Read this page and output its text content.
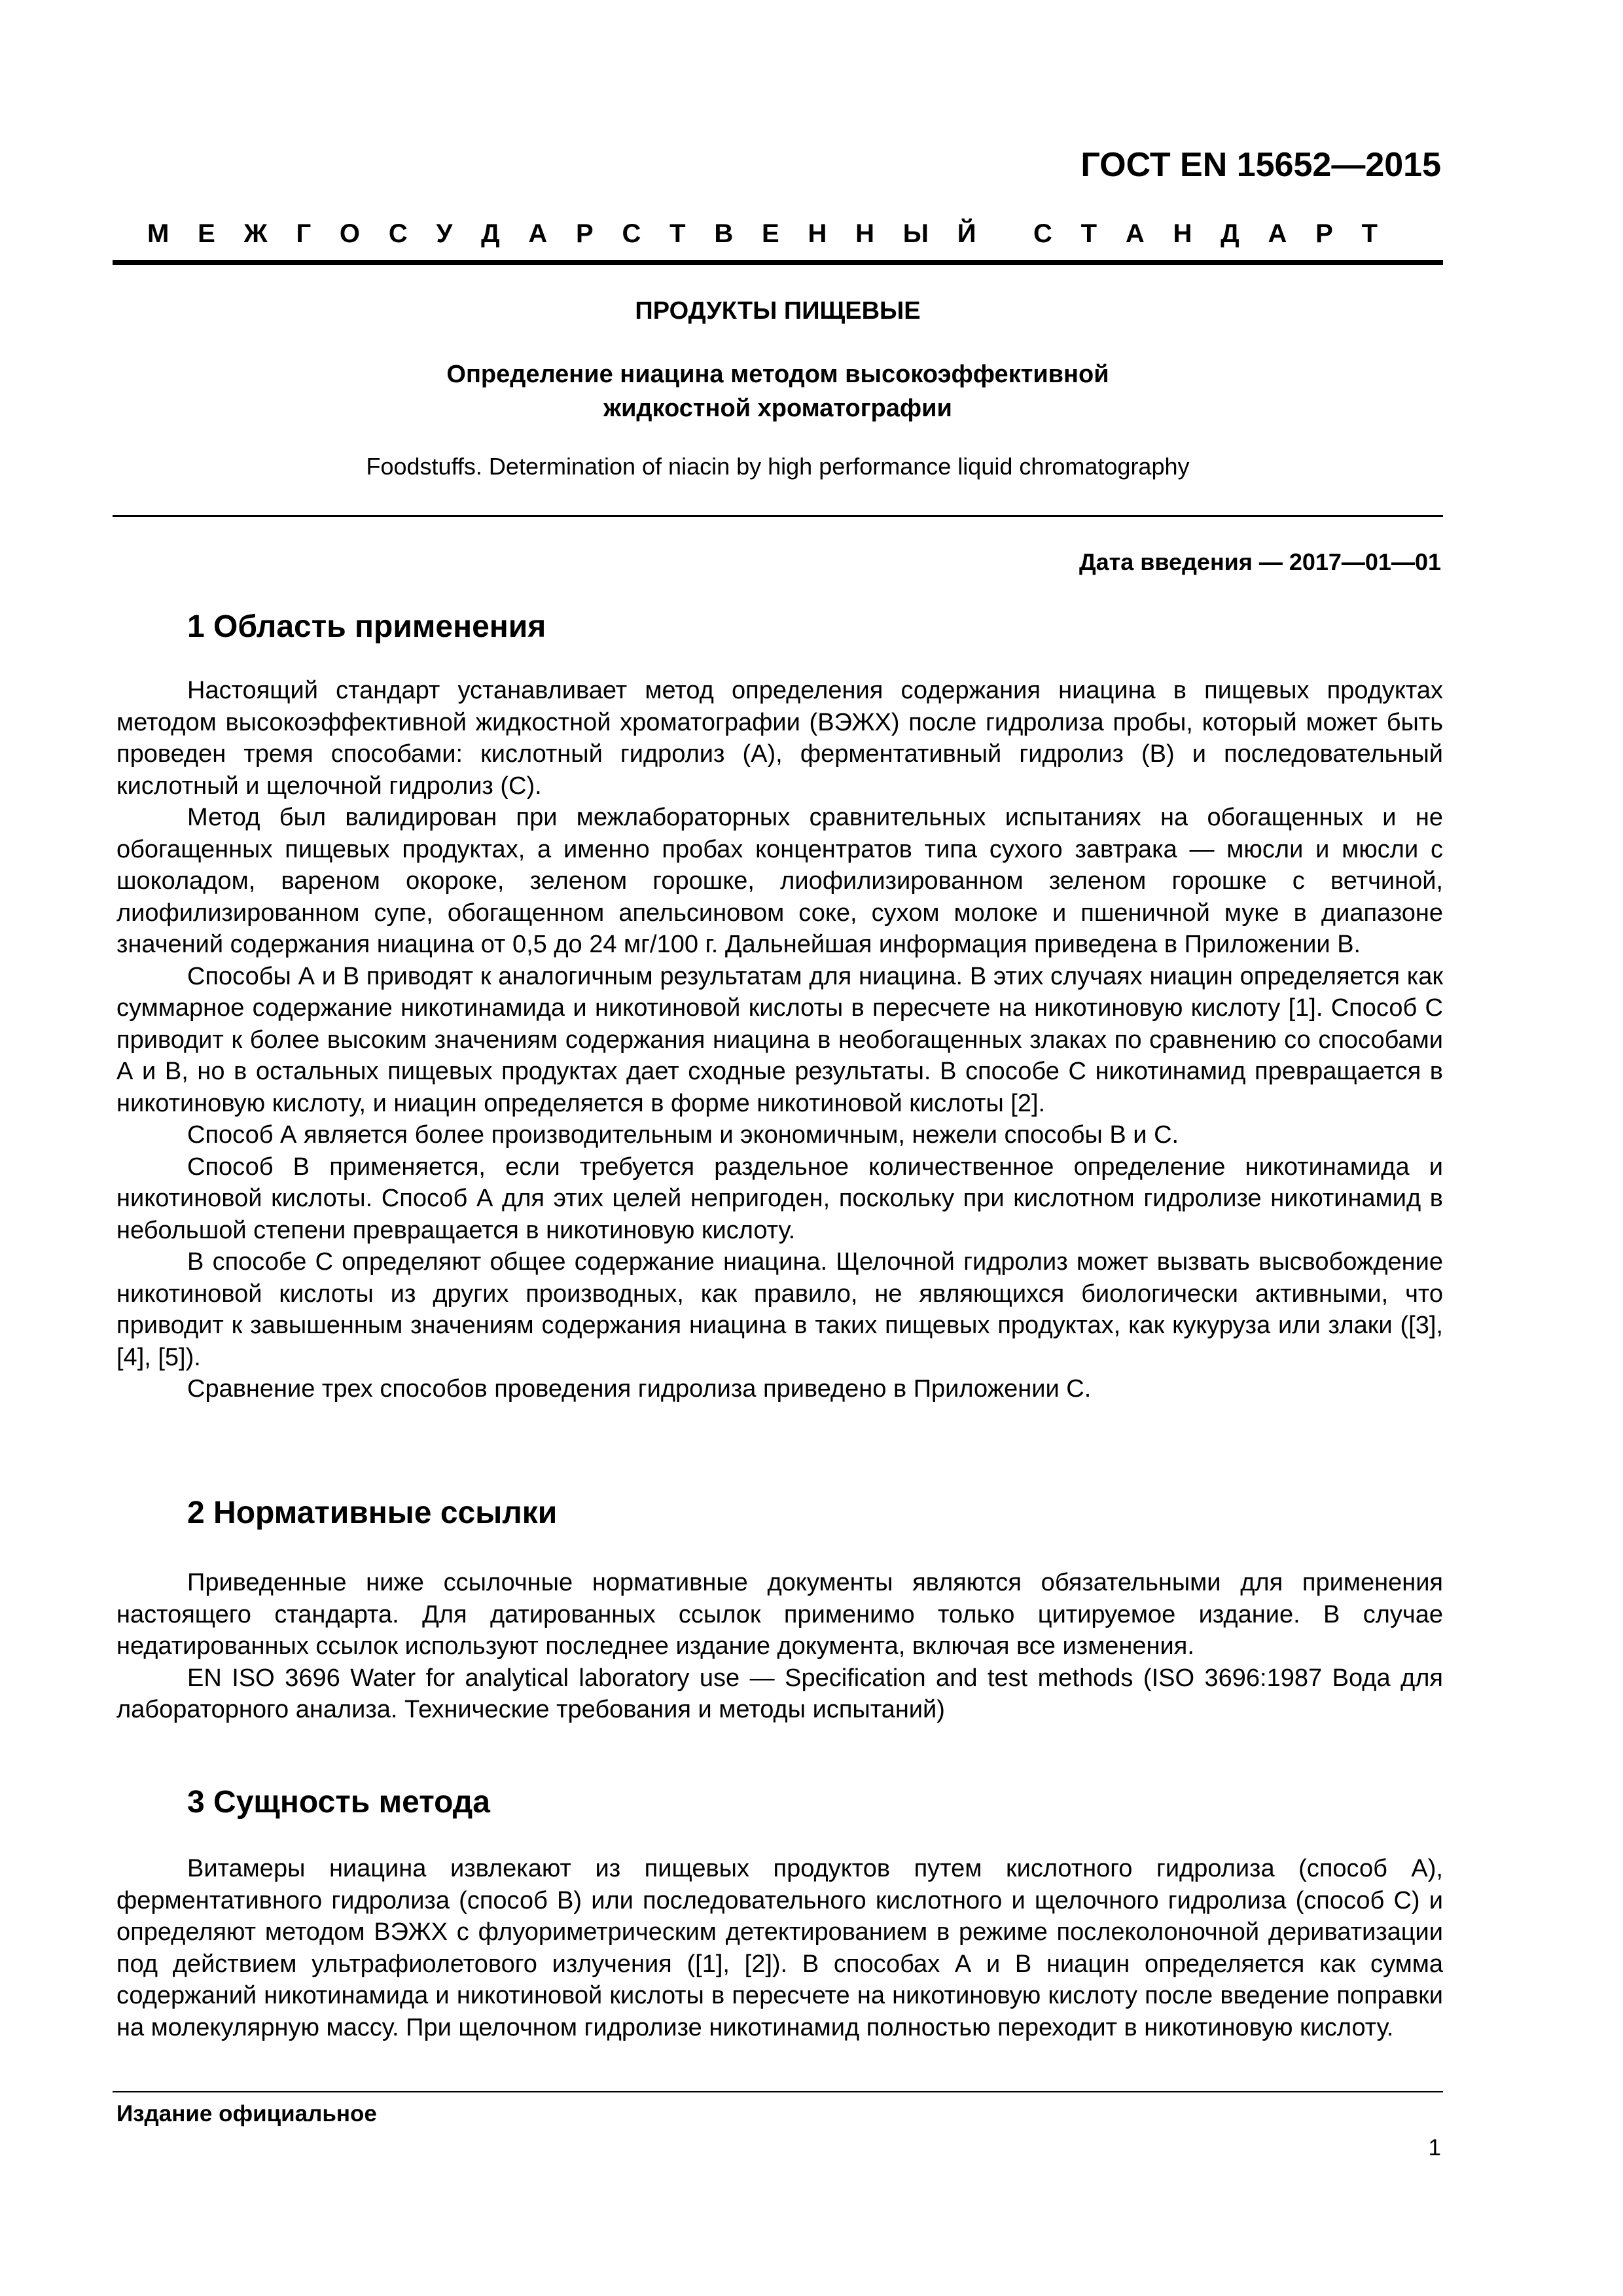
ГОСТ EN 15652—2015
М Е Ж Г О С У Д А Р С Т В Е Н Н Ы Й С Т А Н Д А Р Т
ПРОДУКТЫ ПИЩЕВЫЕ
Определение ниацина методом высокоэффективной жидкостной хроматографии

Foodstuffs. Determination of niacin by high performance liquid chromatography

Дата введения — 2017—01—01

1 Область применения

Настоящий стандарт устанавливает метод определения содержания ниацина в пищевых продуктах методом высокоэффективной жидкостной хроматографии (ВЭЖХ) после гидролиза пробы, который может быть проведен тремя способами: кислотный гидролиз (А), ферментативный гидролиз (В) и последовательный кислотный и щелочной гидролиз (С).

Метод был валидирован при межлабораторных сравнительных испытаниях на обогащенных и не обогащенных пищевых продуктах, а именно пробах концентратов типа сухого завтрака — мюсли и мюсли с шоколадом, вареном окороке, зеленом горошке, лиофилизированном зеленом горошке с ветчиной, лиофилизированном супе, обогащенном апельсиновом соке, сухом молоке и пшеничной муке в диапазоне значений содержания ниацина от 0,5 до 24 мг/100 г. Дальнейшая информация приведена в Приложении В.

Способы А и В приводят к аналогичным результатам для ниацина. В этих случаях ниацин определяется как суммарное содержание никотинамида и никотиновой кислоты в пересчете на никотиновую кислоту [1]. Способ С приводит к более высоким значениям содержания ниацина в необогащенных злаках по сравнению со способами А и В, но в остальных пищевых продуктах дает сходные результаты. В способе С никотинамид превращается в никотиновую кислоту, и ниацин определяется в форме никотиновой кислоты [2].

Способ А является более производительным и экономичным, нежели способы В и С.

Способ В применяется, если требуется раздельное количественное определение никотинамида и никотиновой кислоты. Способ А для этих целей непригоден, поскольку при кислотном гидролизе никотинамид в небольшой степени превращается в никотиновую кислоту.

В способе С определяют общее содержание ниацина. Щелочной гидролиз может вызвать высвобождение никотиновой кислоты из других производных, как правило, не являющихся биологически активными, что приводит к завышенным значениям содержания ниацина в таких пищевых продуктах, как кукуруза или злаки ([3], [4], [5]).

Сравнение трех способов проведения гидролиза приведено в Приложении С.

2 Нормативные ссылки

Приведенные ниже ссылочные нормативные документы являются обязательными для применения настоящего стандарта. Для датированных ссылок применимо только цитируемое издание. В случае недатированных ссылок используют последнее издание документа, включая все изменения.

EN ISO 3696 Water for analytical laboratory use — Specification and test methods (ISO 3696:1987 Вода для лабораторного анализа. Технические требования и методы испытаний)

3 Сущность метода

Витамеры ниацина извлекают из пищевых продуктов путем кислотного гидролиза (способ А), ферментативного гидролиза (способ В) или последовательного кислотного и щелочного гидролиза (способ С) и определяют методом ВЭЖХ с флуориметрическим детектированием в режиме послеколоночной дериватизации под действием ультрафиолетового излучения ([1], [2]). В способах А и В ниацин определяется как сумма содержаний никотинамида и никотиновой кислоты в пересчете на никотиновую кислоту после введение поправки на молекулярную массу. При щелочном гидролизе никотинамид полностью переходит в никотиновую кислоту.

Издание официальное

1
